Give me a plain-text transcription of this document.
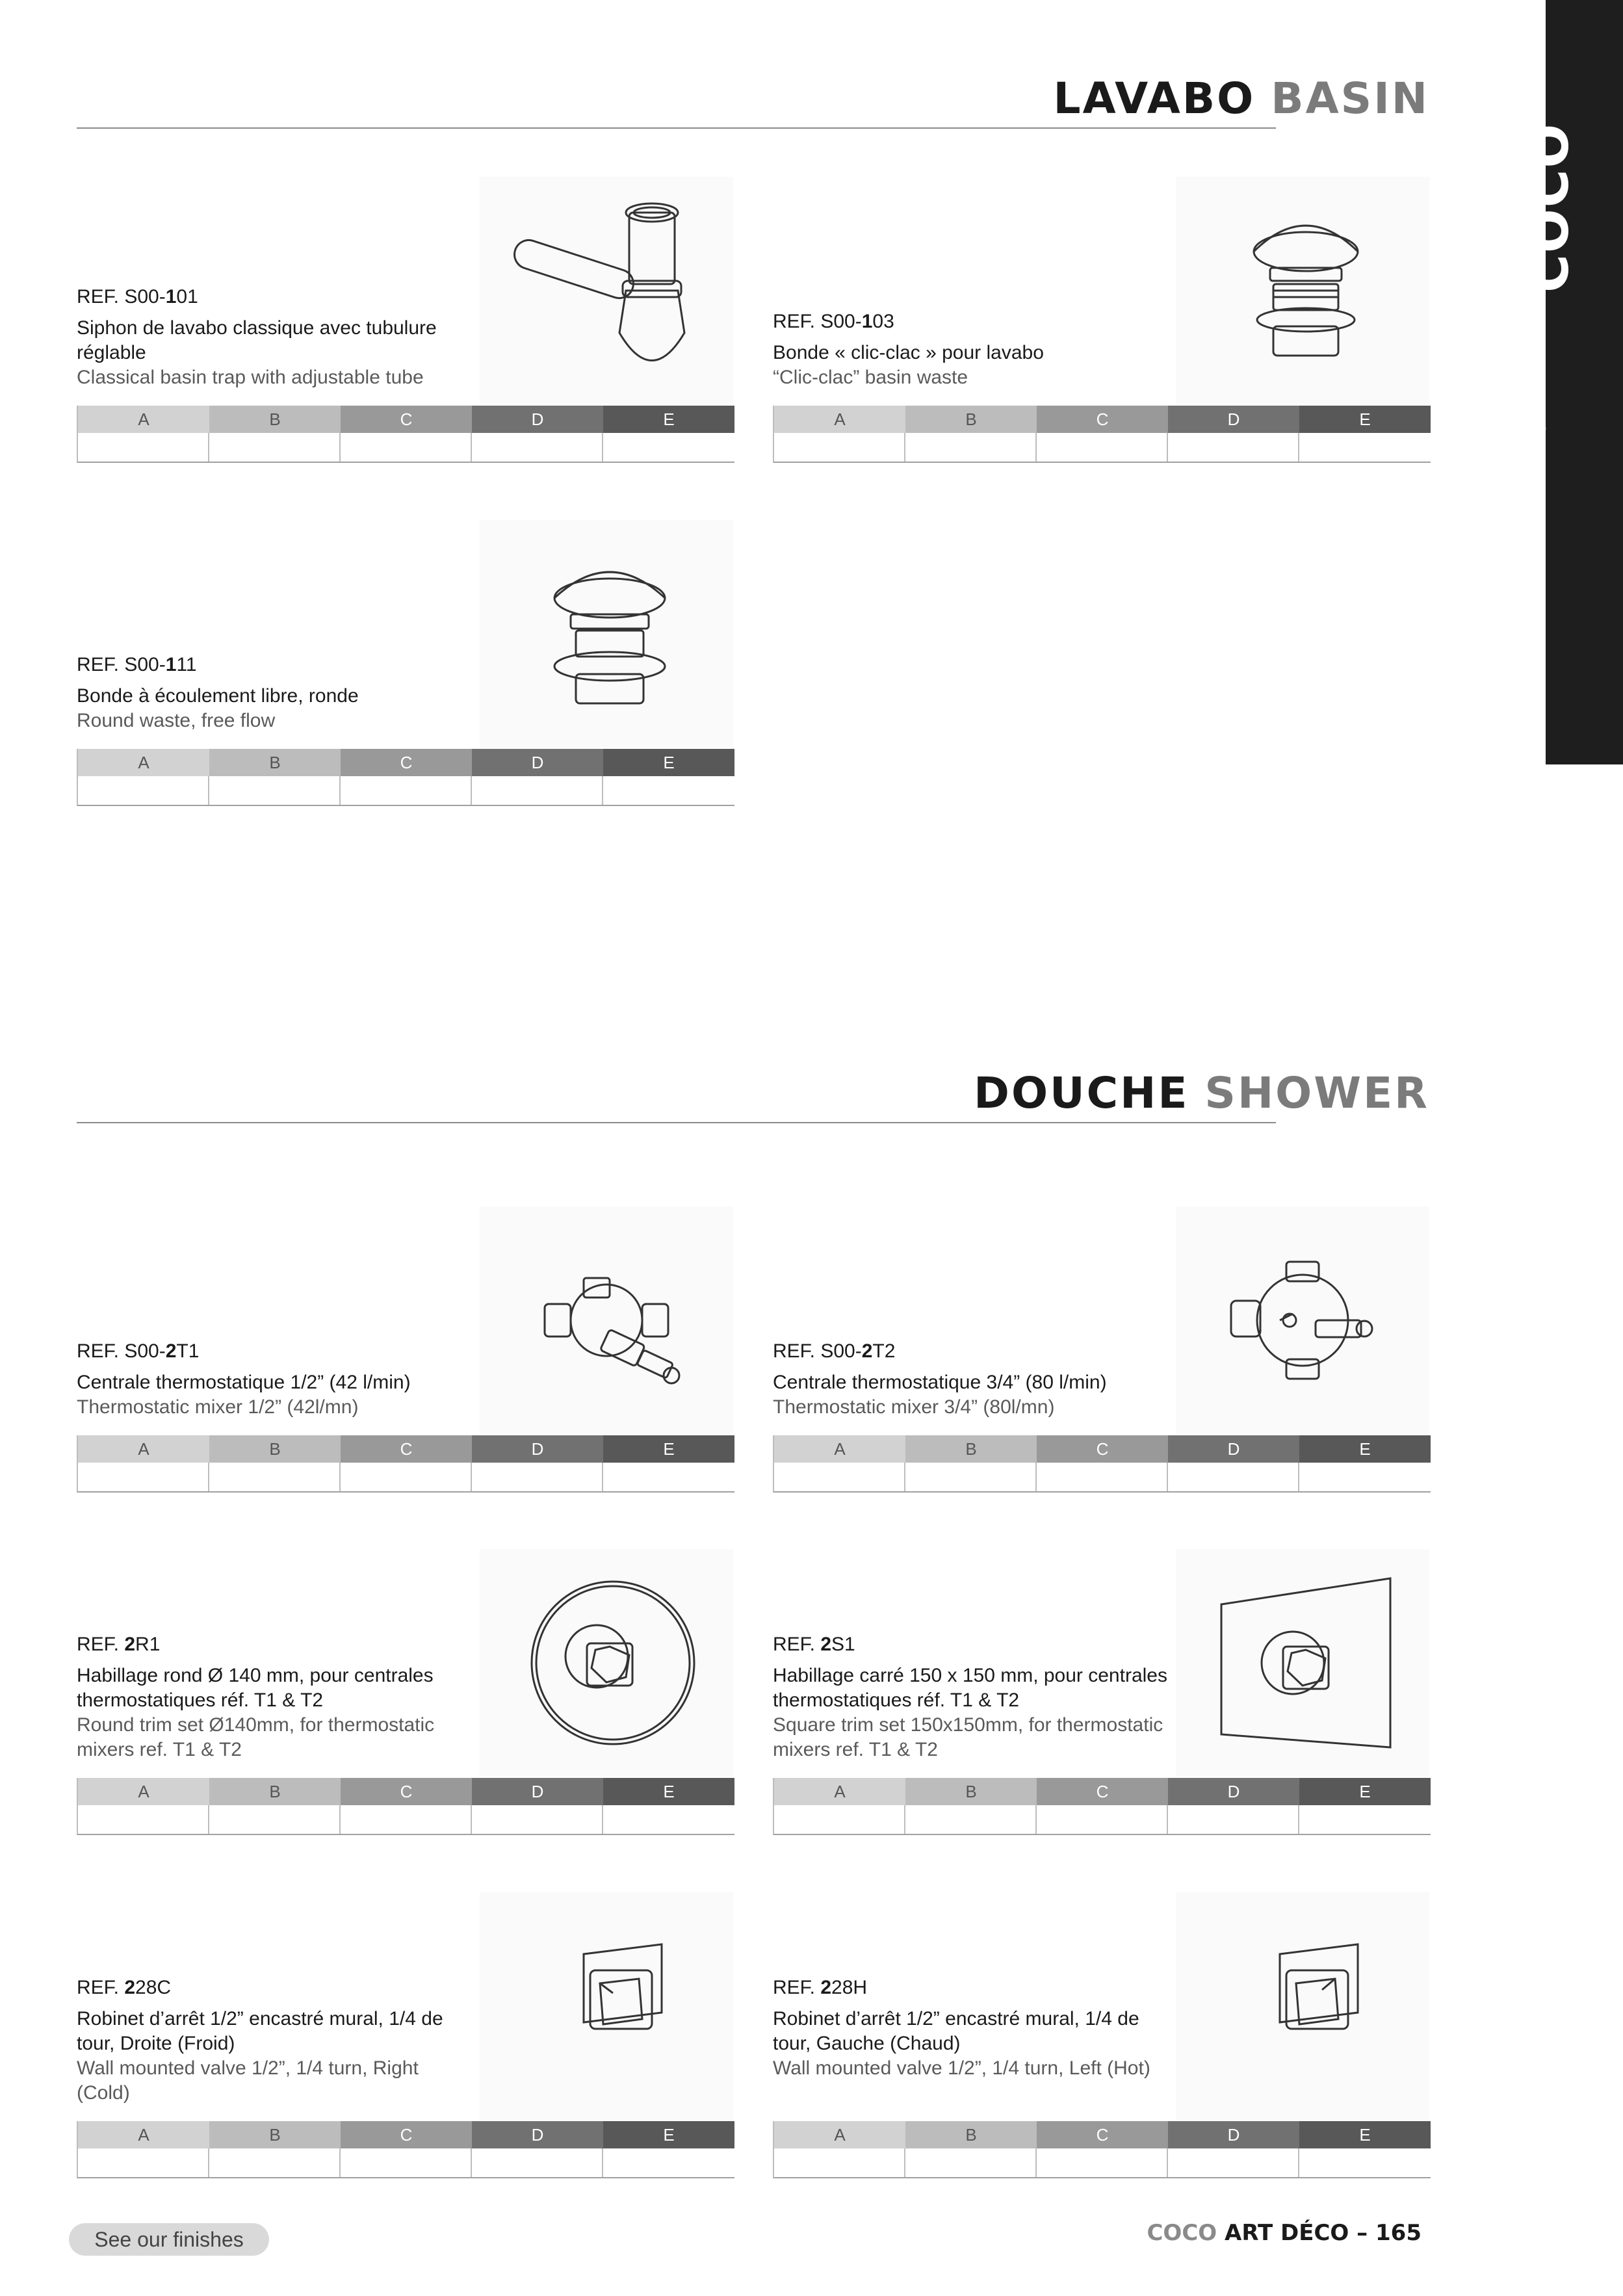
COCO
ROBINETTERIE
LAVABO BASIN
DOUCHE SHOWER
REF. S00-101
Siphon de lavabo classique avec tubulure réglable
Classical basin trap with adjustable tube
A	B	C	D	E
REF. S00-103
Bonde « clic-clac » pour lavabo
“Clic-clac” basin waste
A	B	C	D	E
REF. S00-111
Bonde à écoulement libre, ronde
Round waste, free flow
A	B	C	D	E
REF. S00-2T1
Centrale thermostatique 1/2” (42 l/min)
Thermostatic mixer 1/2” (42l/mn)
A	B	C	D	E
REF. S00-2T2
Centrale thermostatique 3/4” (80 l/min)
Thermostatic mixer 3/4” (80l/mn)
A	B	C	D	E
REF. 2R1
Habillage rond Ø 140 mm, pour centrales thermostatiques réf. T1 & T2
Round trim set Ø140mm, for thermostatic mixers ref. T1 & T2
A	B	C	D	E
REF. 2S1
Habillage carré 150 x 150 mm, pour centrales thermostatiques réf. T1 & T2
Square trim set 150x150mm, for thermostatic mixers ref. T1 & T2
A	B	C	D	E
REF. 228C
Robinet d’arrêt 1/2” encastré mural, 1/4 de tour, Droite (Froid)
Wall mounted valve 1/2”, 1/4 turn, Right (Cold)
A	B	C	D	E
REF. 228H
Robinet d’arrêt 1/2” encastré mural, 1/4 de tour, Gauche (Chaud)
Wall mounted valve 1/2”, 1/4 turn, Left (Hot)
A	B	C	D	E
See our finishes	COCO ART DÉCO – 165
